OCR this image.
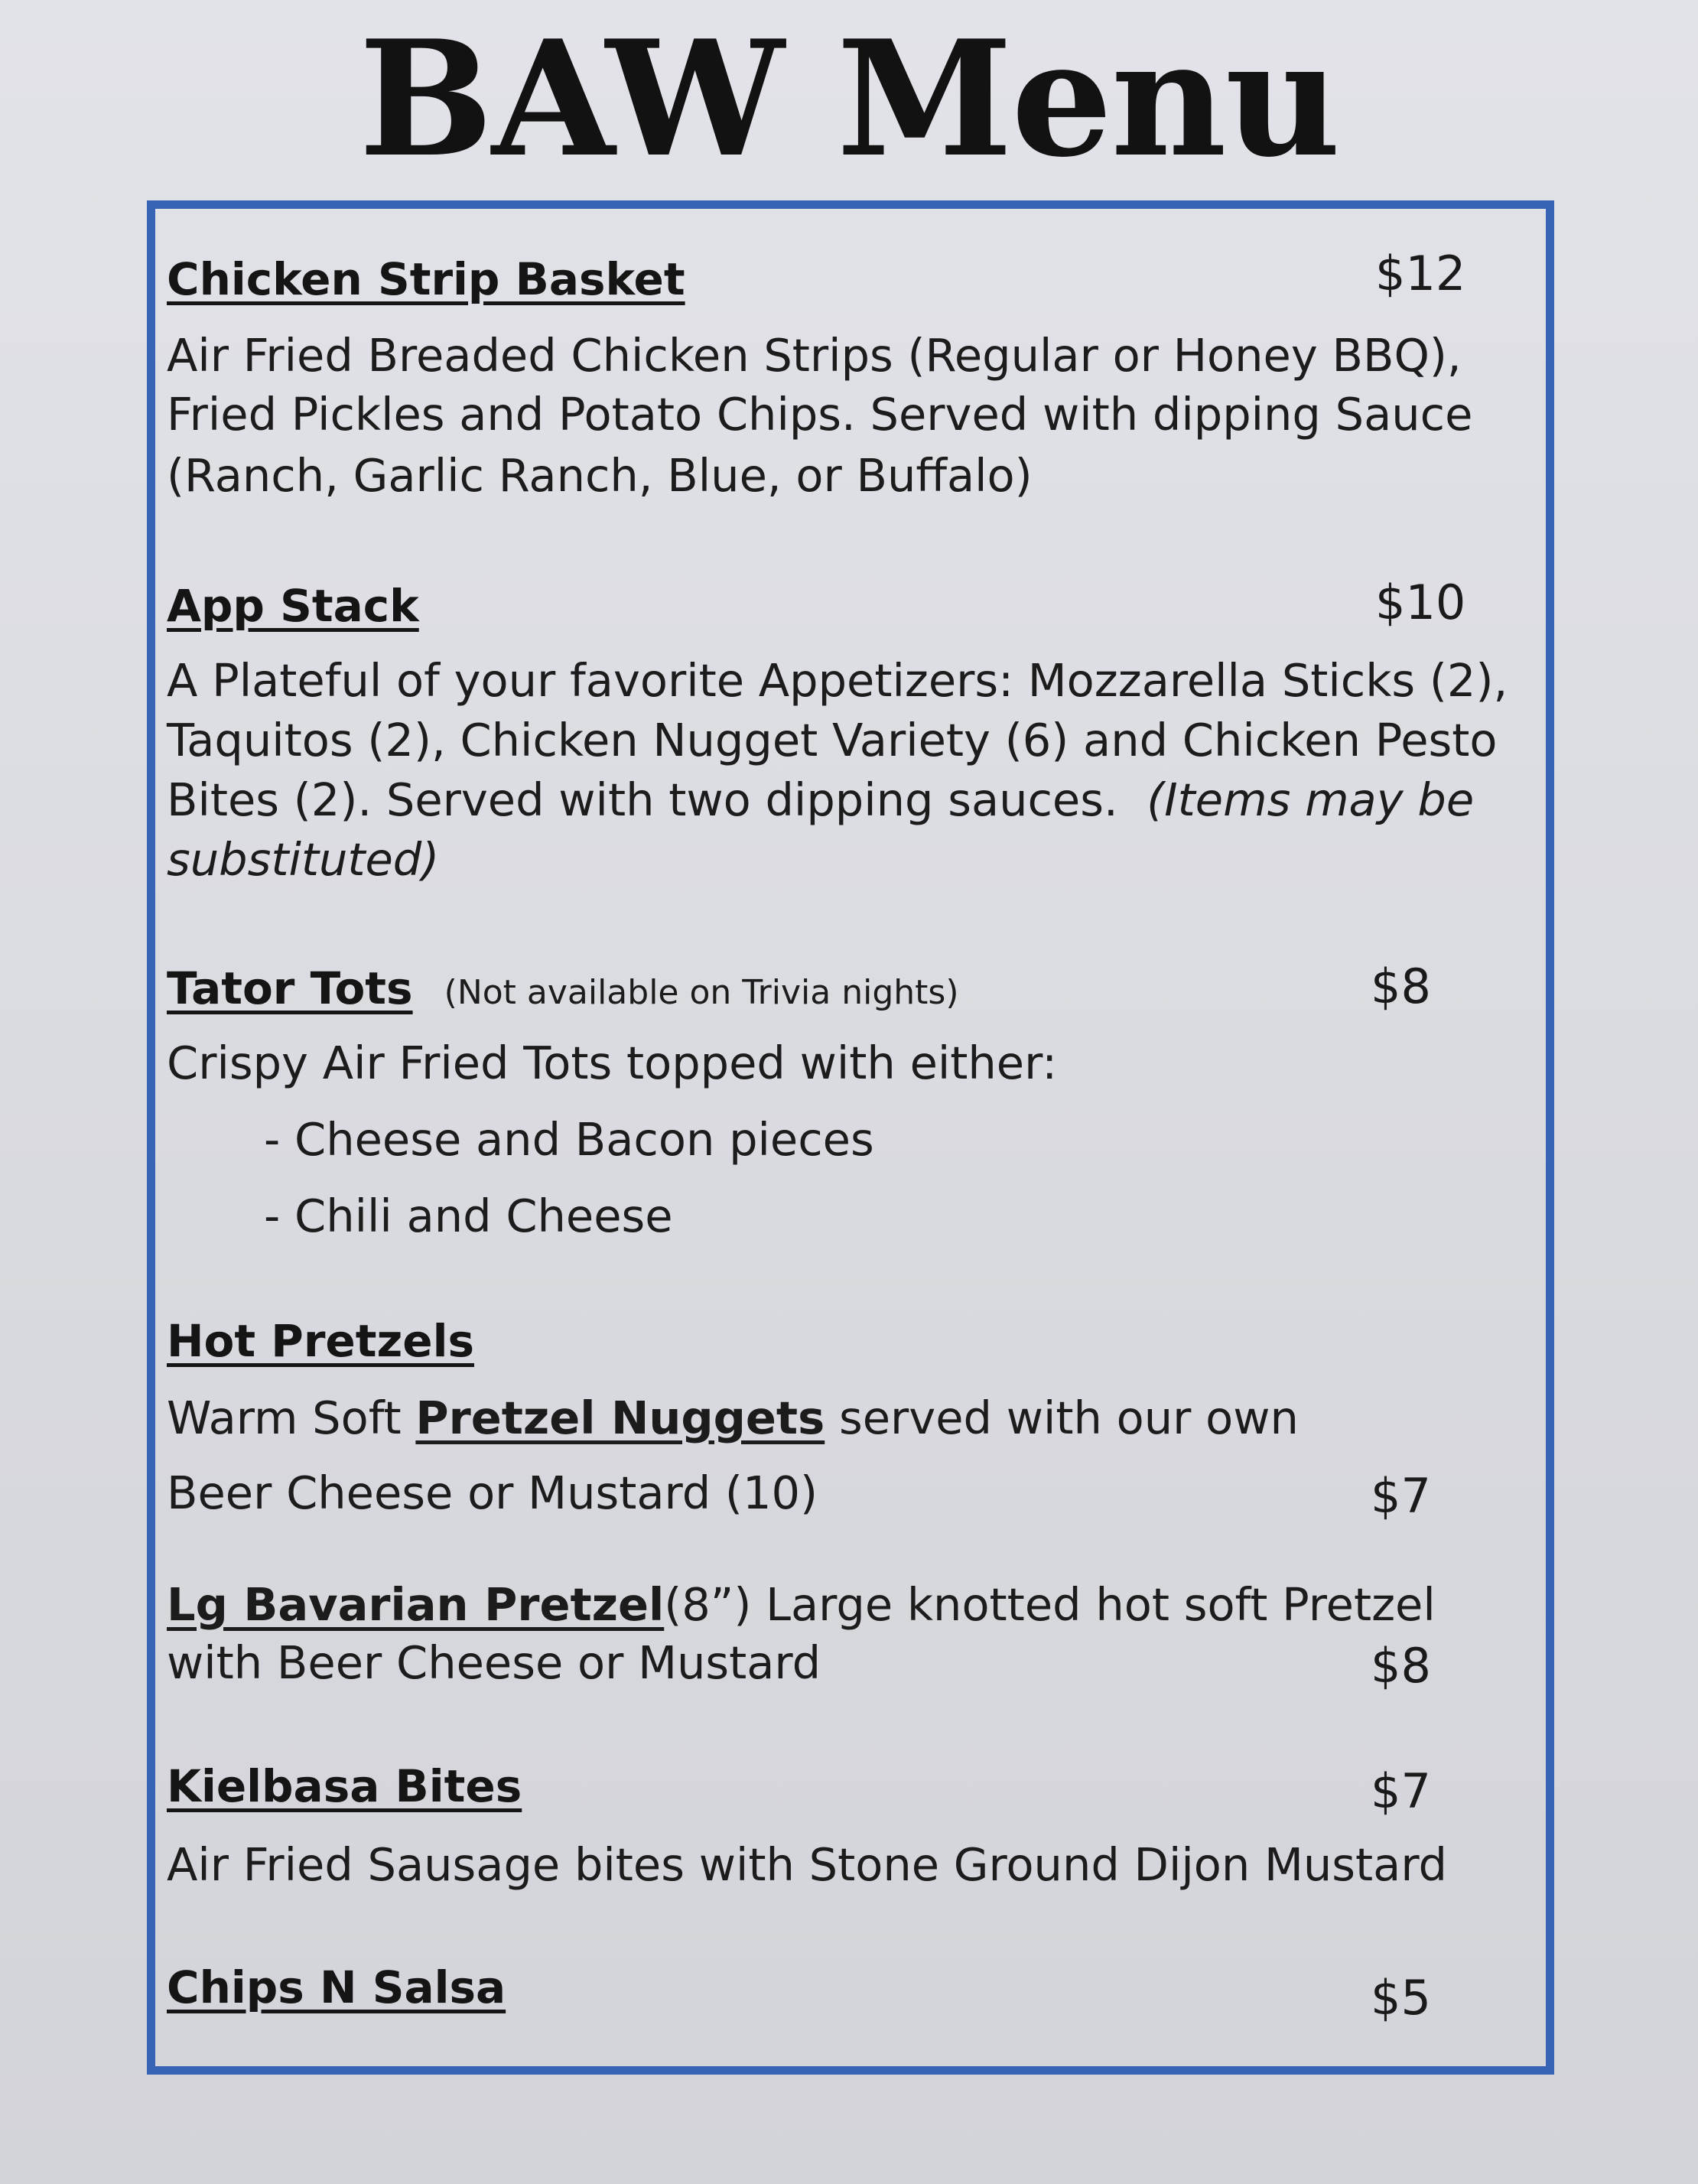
BAW Menu
Chicken Strip Basket	$12
Air Fried Breaded Chicken Strips (Regular or Honey BBQ),
Fried Pickles and Potato Chips. Served with dipping Sauce
(Ranch, Garlic Ranch, Blue, or Buffalo)
App Stack	$10
A Plateful of your favorite Appetizers: Mozzarella Sticks (2),
Taquitos (2), Chicken Nugget Variety (6) and Chicken Pesto
Bites (2). Served with two dipping sauces. (Items may be
substituted)
Tator Tots (Not available on Trivia nights)	$8
Crispy Air Fried Tots topped with either:
- Cheese and Bacon pieces
- Chili and Cheese
Hot Pretzels
Warm Soft Pretzel Nuggets served with our own
Beer Cheese or Mustard (10)	$7
Lg Bavarian Pretzel(8”) Large knotted hot soft Pretzel
with Beer Cheese or Mustard	$8
Kielbasa Bites	$7
Air Fried Sausage bites with Stone Ground Dijon Mustard
Chips N Salsa	$5
